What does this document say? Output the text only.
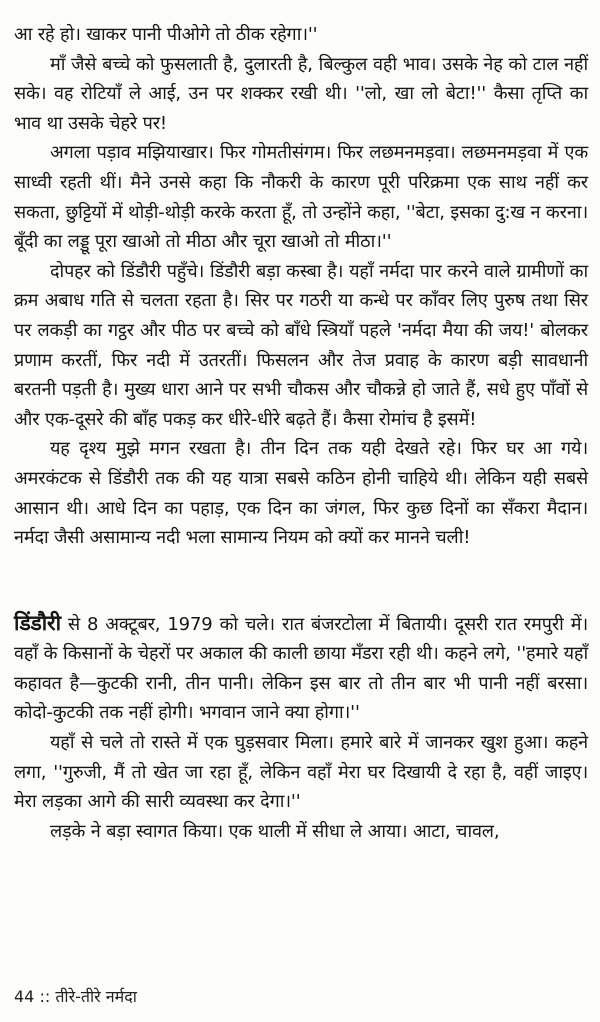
आ रहे हो। खाकर पानी पीओगे तो ठीक रहेगा।''

माँ जैसे बच्चे को फुसलाती है, दुलारती है, बिल्कुल वही भाव। उसके नेह को टाल नहीं सके। वह रोटियाँ ले आई, उन पर शक्कर रखी थी। ''लो, खा लो बेटा!'' कैसा तृप्ति का भाव था उसके चेहरे पर!

अगला पड़ाव मझियाखार। फिर गोमतीसंगम। फिर लछमनमड़वा। लछमनमड़वा में एक साध्वी रहती थीं। मैने उनसे कहा कि नौकरी के कारण पूरी परिक्रमा एक साथ नहीं कर सकता, छुट्टियों में थोड़ी-थोड़ी करके करता हूँ, तो उन्होंने कहा, ''बेटा, इसका दु:ख न करना। बूँदी का लड्डू पूरा खाओ तो मीठा और चूरा खाओ तो मीठा।''

दोपहर को डिंडौरी पहुँचे। डिंडौरी बड़ा कस्बा है। यहाँ नर्मदा पार करने वाले ग्रामीणों का क्रम अबाध गति से चलता रहता है। सिर पर गठरी या कन्धे पर काँवर लिए पुरुष तथा सिर पर लकड़ी का गट्ठर और पीठ पर बच्चे को बाँधे स्त्रियाँ पहले 'नर्मदा मैया की जय!' बोलकर प्रणाम करतीं, फिर नदी में उतरतीं। फिसलन और तेज प्रवाह के कारण बड़ी सावधानी बरतनी पड़ती है। मुख्य धारा आने पर सभी चौकस और चौकन्ने हो जाते हैं, सधे हुए पाँवों से और एक-दूसरे की बाँह पकड़ कर धीरे-धीरे बढ़ते हैं। कैसा रोमांच है इसमें!

यह दृश्य मुझे मगन रखता है। तीन दिन तक यही देखते रहे। फिर घर आ गये। अमरकंटक से डिंडौरी तक की यह यात्रा सबसे कठिन होनी चाहिये थी। लेकिन यही सबसे आसान थी। आधे दिन का पहाड़, एक दिन का जंगल, फिर कुछ दिनों का सँकरा मैदान। नर्मदा जैसी असामान्य नदी भला सामान्य नियम को क्यों कर मानने चली!

डिंडौरी से 8 अक्टूबर, 1979 को चले। रात बंजरटोला में बितायी। दूसरी रात रमपुरी में। वहाँ के किसानों के चेहरों पर अकाल की काली छाया मँडरा रही थी। कहने लगे, ''हमारे यहाँ कहावत है—कुटकी रानी, तीन पानी। लेकिन इस बार तो तीन बार भी पानी नहीं बरसा। कोदो-कुटकी तक नहीं होगी। भगवान जाने क्या होगा।''

यहाँ से चले तो रास्ते में एक घुड़सवार मिला। हमारे बारे में जानकर खुश हुआ। कहने लगा, ''गुरुजी, मैं तो खेत जा रहा हूँ, लेकिन वहाँ मेरा घर दिखायी दे रहा है, वहीं जाइए। मेरा लड़का आगे की सारी व्यवस्था कर देगा।''

लड़के ने बड़ा स्वागत किया। एक थाली में सीधा ले आया। आटा, चावल,

44 :: तीरे-तीरे नर्मदा
